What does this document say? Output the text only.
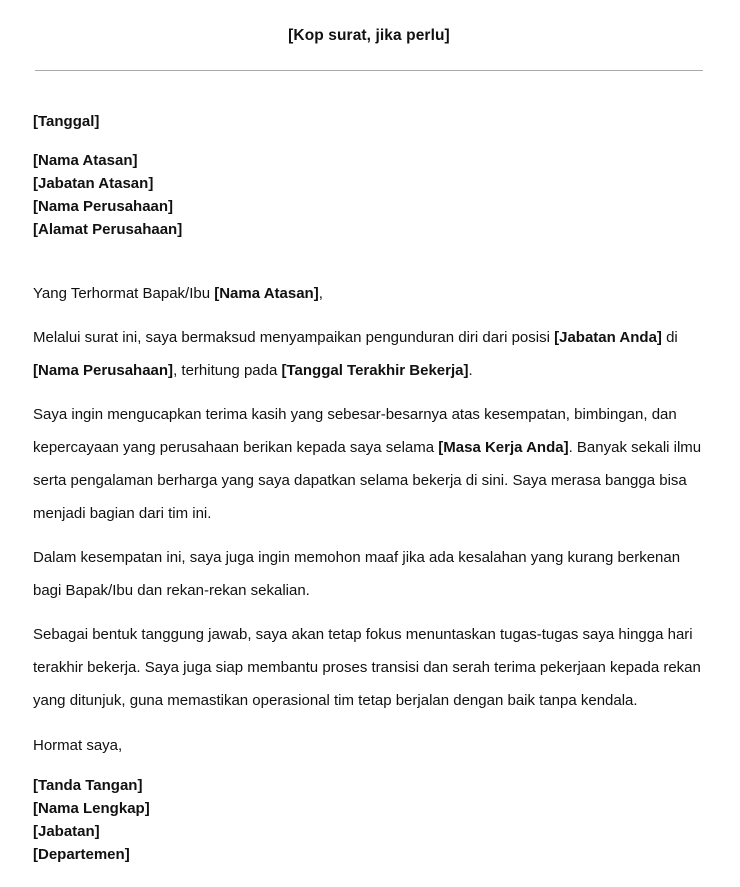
[Kop surat, jika perlu]
[Tanggal]
[Nama Atasan]
[Jabatan Atasan]
[Nama Perusahaan]
[Alamat Perusahaan]
Yang Terhormat Bapak/Ibu [Nama Atasan],

Melalui surat ini, saya bermaksud menyampaikan pengunduran diri dari posisi [Jabatan Anda] di [Nama Perusahaan], terhitung pada [Tanggal Terakhir Bekerja].

Saya ingin mengucapkan terima kasih yang sebesar-besarnya atas kesempatan, bimbingan, dan kepercayaan yang perusahaan berikan kepada saya selama [Masa Kerja Anda]. Banyak sekali ilmu serta pengalaman berharga yang saya dapatkan selama bekerja di sini. Saya merasa bangga bisa menjadi bagian dari tim ini.

Dalam kesempatan ini, saya juga ingin memohon maaf jika ada kesalahan yang kurang berkenan bagi Bapak/Ibu dan rekan-rekan sekalian.

Sebagai bentuk tanggung jawab, saya akan tetap fokus menuntaskan tugas-tugas saya hingga hari terakhir bekerja. Saya juga siap membantu proses transisi dan serah terima pekerjaan kepada rekan yang ditunjuk, guna memastikan operasional tim tetap berjalan dengan baik tanpa kendala.

Hormat saya,
[Tanda Tangan]
[Nama Lengkap]
[Jabatan]
[Departemen]
